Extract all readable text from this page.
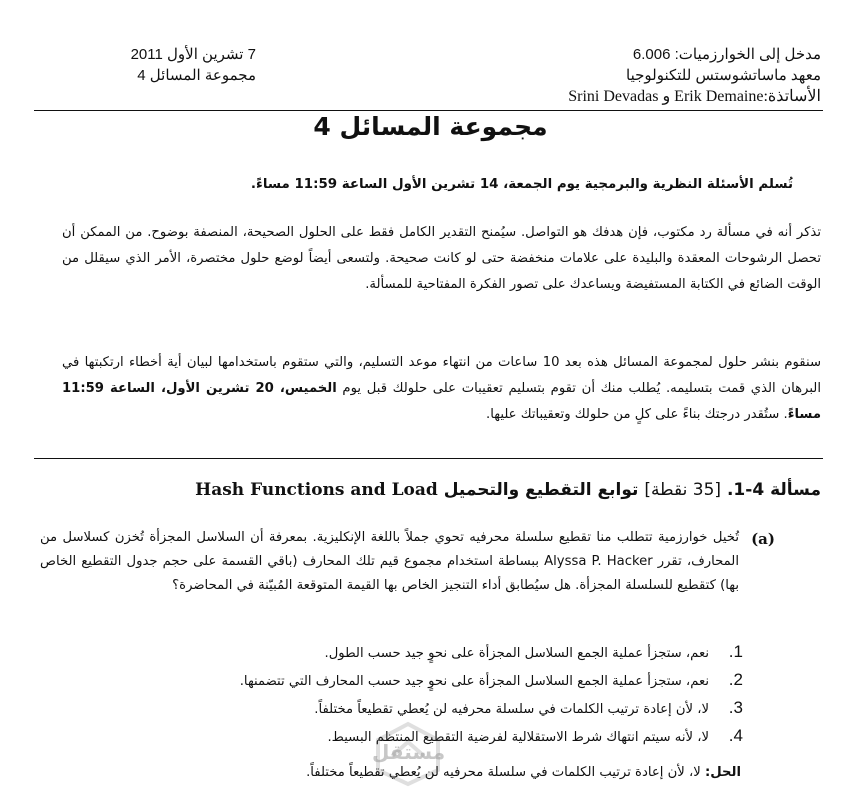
7 تشرين الأول 2011
مجموعة المسائل 4
مدخل إلى الخوارزميات: 6.006
معهد ماساتشوستس للتكنولوجيا
الأساتذة:Erik Demaine و Srini Devadas
مجموعة المسائل 4
تُسلم الأسئلة النظرية والبرمجية يوم الجمعة، 14 تشرين الأول الساعة 11:59 مساءً.
تذكر أنه في مسألة رد مكتوب، فإن هدفك هو التواصل. سيُمنح التقدير الكامل فقط على الحلول الصحيحة، المنصفة بوضوح. من الممكن أن تحصل الرشوحات المعقدة والبليدة على علامات منخفضة حتى لو كانت صحيحة. ولتسعى أيضاً لوضع حلول مختصرة، الأمر الذي سيقلل من الوقت الضائع في الكتابة المستفيضة ويساعدك على تصور الفكرة المفتاحية للمسألة.
سنقوم بنشر حلول لمجموعة المسائل هذه بعد 10 ساعات من انتهاء موعد التسليم، والتي ستقوم باستخدامها لبيان أية أخطاء ارتكبتها في البرهان الذي قمت بتسليمه. يُطلب منك أن تقوم بتسليم تعقيبات على حلولك قبل يوم الخميس، 20 تشرين الأول، الساعة 11:59 مساءً. ستُقدر درجتك بناءً على كلٍ من حلولك وتعقيباتك عليها.
مسألة 4-1. [35 نقطة] توابع التقطيع والتحميل Hash Functions and Load
(a)
تُخيل خوارزمية تتطلب منا تقطيع سلسلة محرفيه تحوي جملاً باللغة الإنكليزية. بمعرفة أن السلاسل المجزأة تُخزن كسلاسل من المحارف، تقرر Alyssa P. Hacker ببساطة استخدام مجموع قيم تلك المحارف (باقي القسمة على حجم جدول التقطيع الخاص بها) كتقطيع للسلسلة المجزأة. هل سيُطابق أداء التنجيز الخاص بها القيمة المتوقعة المُبيّنة في المحاضرة؟
1.نعم، ستجزأ عملية الجمع السلاسل المجزأة على نحوٍ جيد حسب الطول.
2.نعم، ستجزأ عملية الجمع السلاسل المجزأة على نحوٍ جيد حسب المحارف التي تتضمنها.
3.لا، لأن إعادة ترتيب الكلمات في سلسلة محرفيه لن يُعطي تقطيعاً مختلفاً.
4.لا، لأنه سيتم انتهاك شرط الاستقلالية لفرضية التقطيع المنتظم البسيط.
الحل: لا، لأن إعادة ترتيب الكلمات في سلسلة محرفيه لن يُعطي تقطيعاً مختلفاً.
مستقل
